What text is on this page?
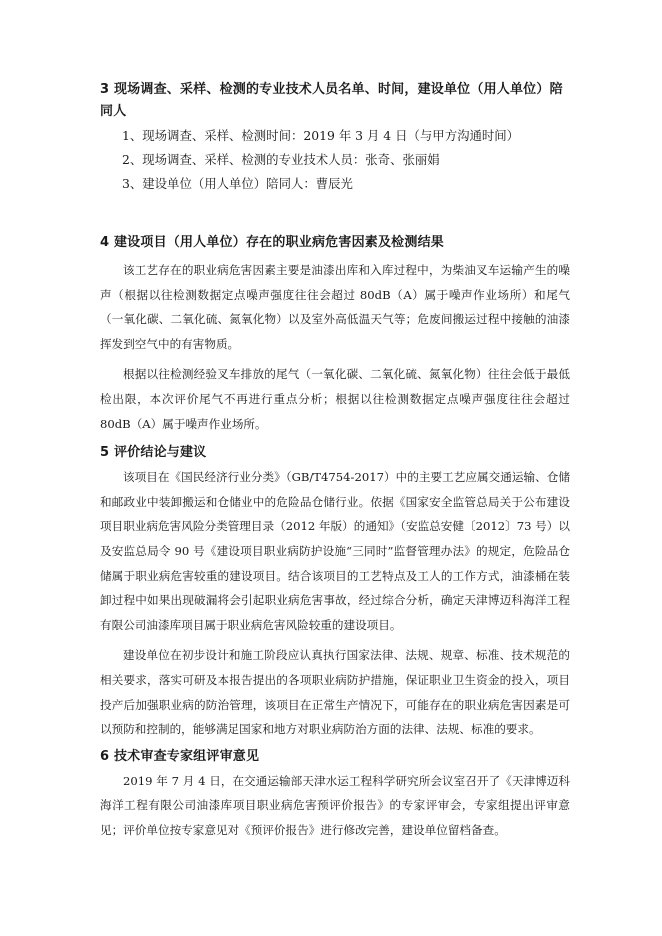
3 现场调查、采样、检测的专业技术人员名单、时间，建设单位（用人单位）陪同人
1、现场调查、采样、检测时间：2019 年 3 月 4 日（与甲方沟通时间）
2、现场调查、采样、检测的专业技术人员：张奇、张丽娟
3、建设单位（用人单位）陪同人：曹辰光
4 建设项目（用人单位）存在的职业病危害因素及检测结果

该工艺存在的职业病危害因素主要是油漆出库和入库过程中，为柴油叉车运输产生的噪声（根据以往检测数据定点噪声强度往往会超过 80dB（A）属于噪声作业场所）和尾气（一氧化碳、二氧化硫、氮氧化物）以及室外高低温天气等；危废间搬运过程中接触的油漆挥发到空气中的有害物质。

根据以往检测经验叉车排放的尾气（一氧化碳、二氧化硫、氮氧化物）往往会低于最低检出限，本次评价尾气不再进行重点分析；根据以往检测数据定点噪声强度往往会超过 80dB（A）属于噪声作业场所。

5 评价结论与建议

该项目在《国民经济行业分类》（GB/T4754-2017）中的主要工艺应属交通运输、仓储和邮政业中装卸搬运和仓储业中的危险品仓储行业。依据《国家安全监管总局关于公布建设项目职业病危害风险分类管理目录（2012 年版）的通知》（安监总安健〔2012〕73 号）以及安监总局令 90 号《建设项目职业病防护设施“三同时”监督管理办法》的规定，危险品仓储属于职业病危害较重的建设项目。结合该项目的工艺特点及工人的工作方式，油漆桶在装卸过程中如果出现破漏将会引起职业病危害事故，经过综合分析，确定天津博迈科海洋工程有限公司油漆库项目属于职业病危害风险较重的建设项目。

建设单位在初步设计和施工阶段应认真执行国家法律、法规、规章、标准、技术规范的相关要求，落实可研及本报告提出的各项职业病防护措施，保证职业卫生资金的投入，项目投产后加强职业病的防治管理，该项目在正常生产情况下，可能存在的职业病危害因素是可以预防和控制的，能够满足国家和地方对职业病防治方面的法律、法规、标准的要求。

6 技术审查专家组评审意见

2019 年 7 月 4 日，在交通运输部天津水运工程科学研究所会议室召开了《天津博迈科海洋工程有限公司油漆库项目职业病危害预评价报告》的专家评审会，专家组提出评审意见；评价单位按专家意见对《预评价报告》进行修改完善，建设单位留档备查。
